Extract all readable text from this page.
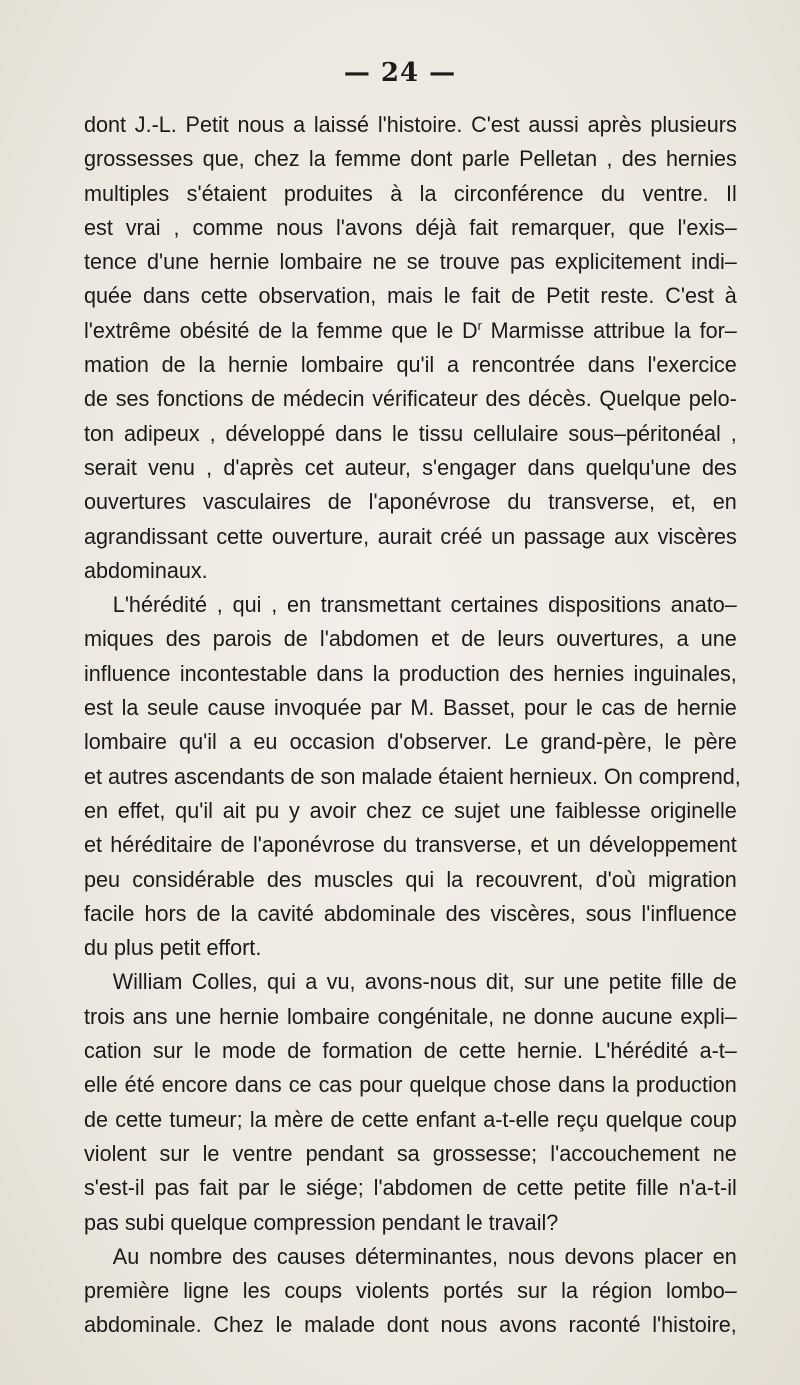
— 24 —
dont J.-L. Petit nous a laissé l'histoire. C'est aussi après plusieurs
grossesses que, chez la femme dont parle Pelletan , des hernies
multiples s'étaient produites à la circonférence du ventre. Il
est vrai , comme nous l'avons déjà fait remarquer, que l'exis–
tence d'une hernie lombaire ne se trouve pas explicitement indi–
quée dans cette observation, mais le fait de Petit reste. C'est à
l'extrême obésité de la femme que le $D^r$ Marmisse attribue la for–
mation de la hernie lombaire qu'il a rencontrée dans l'exercice
de ses fonctions de médecin vérificateur des décès. Quelque pelo-
ton adipeux , développé dans le tissu cellulaire sous–péritonéal ,
serait venu , d'après cet auteur, s'engager dans quelqu'une des
ouvertures vasculaires de l'aponévrose du transverse, et, en
agrandissant cette ouverture, aurait créé un passage aux viscères
abdominaux.
L'hérédité , qui , en transmettant certaines dispositions anato–
miques des parois de l'abdomen et de leurs ouvertures, a une
influence incontestable dans la production des hernies inguinales,
est la seule cause invoquée par M. Basset, pour le cas de hernie
lombaire qu'il a eu occasion d'observer. Le grand-père, le père
et autres ascendants de son malade étaient hernieux. On comprend,
en effet, qu'il ait pu y avoir chez ce sujet une faiblesse originelle
et héréditaire de l'aponévrose du transverse, et un développement
peu considérable des muscles qui la recouvrent, d'où migration
facile hors de la cavité abdominale des viscères, sous l'influence
du plus petit effort.
William Colles, qui a vu, avons-nous dit, sur une petite fille de
trois ans une hernie lombaire congénitale, ne donne aucune expli–
cation sur le mode de formation de cette hernie. L'hérédité a-t–
elle été encore dans ce cas pour quelque chose dans la production
de cette tumeur; la mère de cette enfant a-t-elle reçu quelque coup
violent sur le ventre pendant sa grossesse; l'accouchement ne
s'est-il pas fait par le siége; l'abdomen de cette petite fille n'a-t-il
pas subi quelque compression pendant le travail?
Au nombre des causes déterminantes, nous devons placer en
première ligne les coups violents portés sur la région lombo–
abdominale. Chez le malade dont nous avons raconté l'histoire,
